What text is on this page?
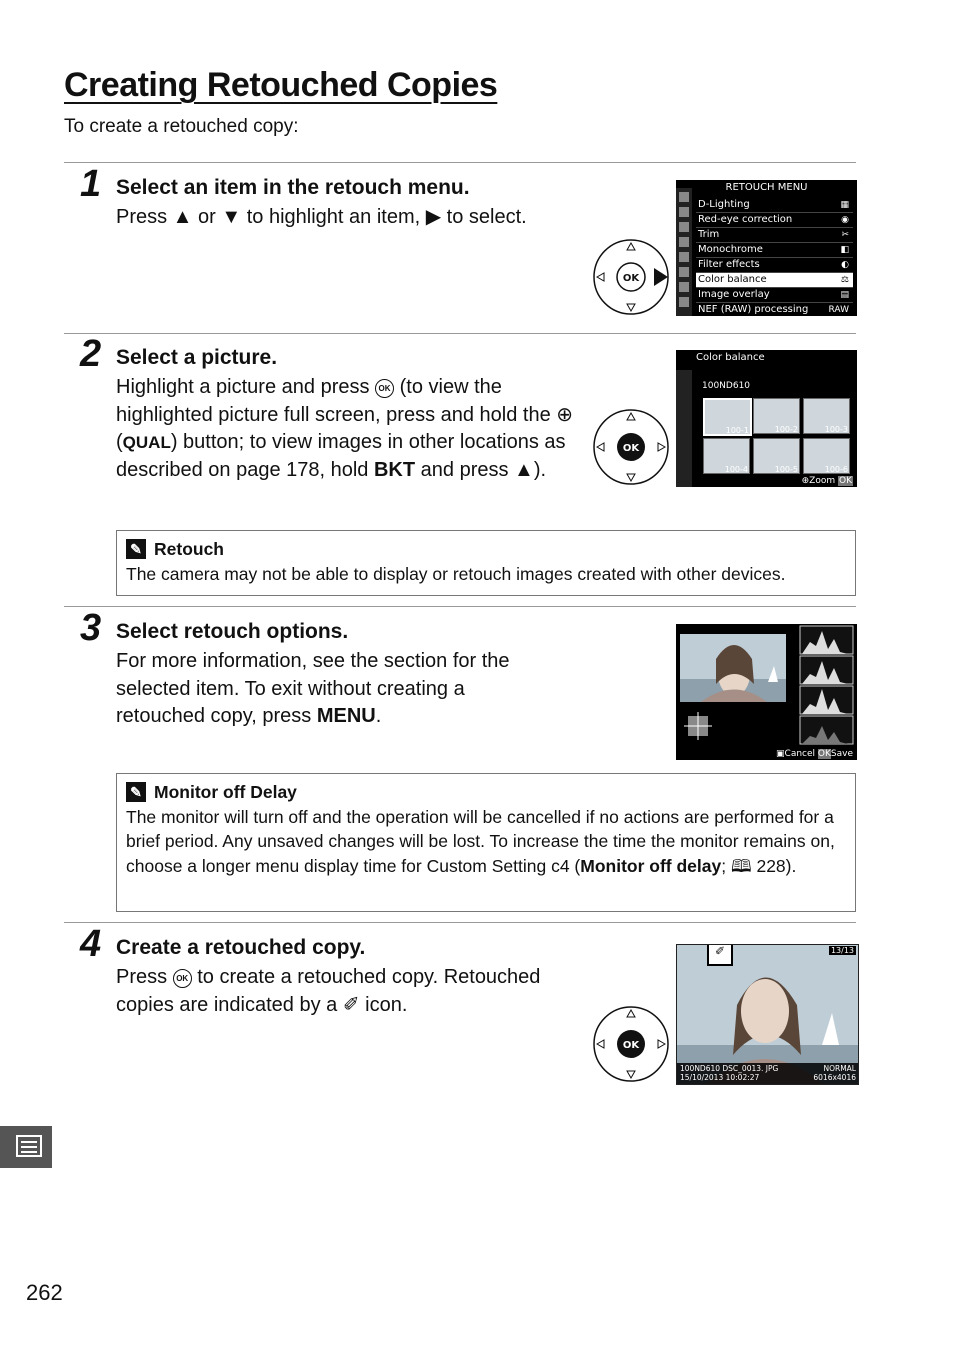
Creating Retouched Copies
To create a retouched copy:
1 Select an item in the retouch menu.
Press ▲ or ▼ to highlight an item, ▶ to select.
OK
RETOUCH MENU
D-Lighting	▦
Red-eye correction	◉
Trim	✂
Monochrome	◧
Filter effects	◐
Color balance	⚖
Image overlay	▤
NEF (RAW) processing RAW
2 Select a picture.
Highlight a picture and press OK (to view the highlighted picture full screen, press and hold the ⊕ (QUAL) button; to view images in other locations as described on page 178, hold BKT and press ▲).
OK
Color balance
100ND610
⊕Zoom OK
100-1	100-2	100-3
100-4	100-5	100-6
✎ Retouch
The camera may not be able to display or retouch images created with other devices.
3 Select retouch options.
For more information, see the section for the selected item. To exit without creating a retouched copy, press MENU.
▣Cancel OKSave
✎ Monitor off Delay
The monitor will turn off and the operation will be cancelled if no actions are performed for a brief period. Any unsaved changes will be lost. To increase the time the monitor remains on, choose a longer menu display time for Custom Setting c4 (Monitor off delay; 🕮 228).
4 Create a retouched copy.
Press OK to create a retouched copy. Retouched copies are indicated by a ✐ icon.
OK
✐	13/13
100ND610 DSC_0013. JPG
15/10/2013 10:02:27
NORMAL
6016x4016
262
